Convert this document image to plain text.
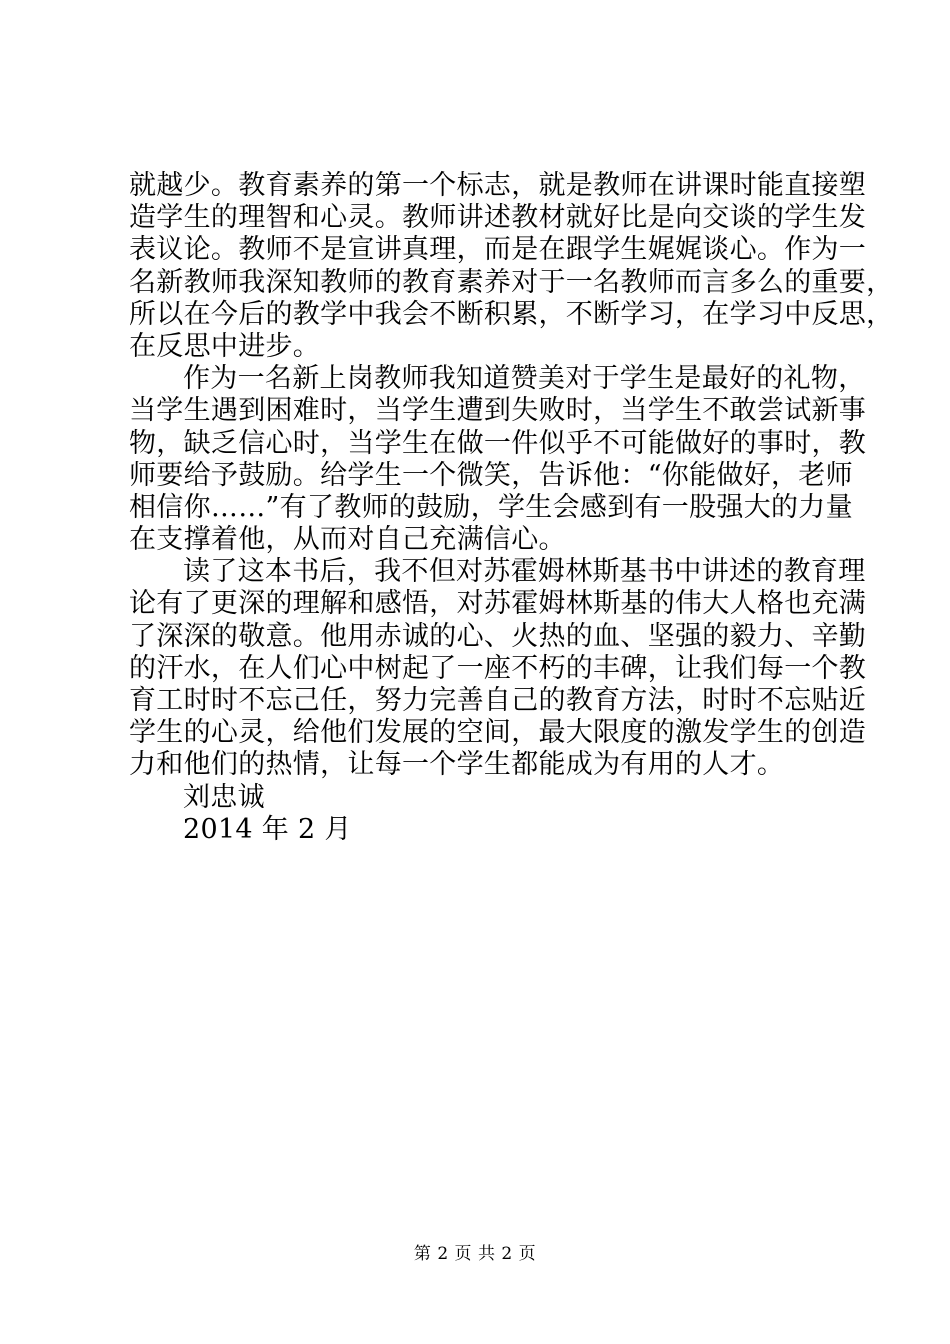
就越少。教育素养的第一个标志，就是教师在讲课时能直接塑
造学生的理智和心灵。教师讲述教材就好比是向交谈的学生发
表议论。教师不是宣讲真理，而是在跟学生娓娓谈心。作为一
名新教师我深知教师的教育素养对于一名教师而言多么的重要，
所以在今后的教学中我会不断积累，不断学习，在学习中反思，
在反思中进步。
作为一名新上岗教师我知道赞美对于学生是最好的礼物，
当学生遇到困难时，当学生遭到失败时，当学生不敢尝试新事
物，缺乏信心时，当学生在做一件似乎不可能做好的事时，教
师要给予鼓励。给学生一个微笑，告诉他：“你能做好，老师
相信你……”有了教师的鼓励，学生会感到有一股强大的力量
在支撑着他，从而对自己充满信心。
读了这本书后，我不但对苏霍姆林斯基书中讲述的教育理
论有了更深的理解和感悟，对苏霍姆林斯基的伟大人格也充满
了深深的敬意。他用赤诚的心、火热的血、坚强的毅力、辛勤
的汗水，在人们心中树起了一座不朽的丰碑，让我们每一个教
育工时时不忘己任，努力完善自己的教育方法，时时不忘贴近
学生的心灵，给他们发展的空间，最大限度的激发学生的创造
力和他们的热情，让每一个学生都能成为有用的人才。
刘忠诚
2014 年 2 月
第 2 页 共 2 页
